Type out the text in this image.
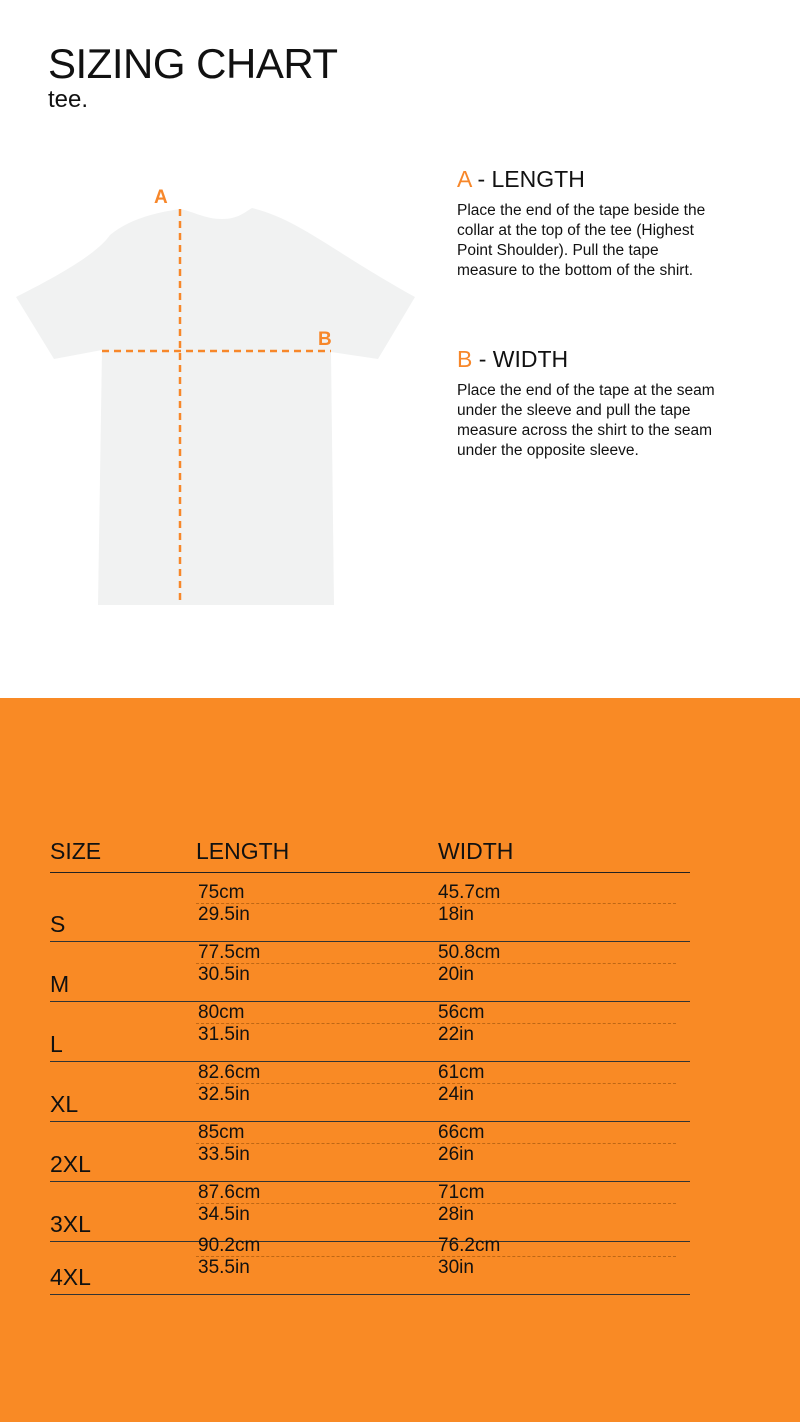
SIZING CHART
tee.
A
B
A - LENGTH

Place the end of the tape beside the collar at the top of the tee (Highest Point Shoulder). Pull the tape measure to the bottom of the shirt.

B - WIDTH

Place the end of the tape at the seam under the sleeve and pull the tape measure across the shirt to the seam under the opposite sleeve.

SIZE	LENGTH	WIDTH
S
75cm
29.5in
45.7cm
18in
M
77.5cm
30.5in
50.8cm
20in
L
80cm
31.5in
56cm
22in
XL
82.6cm
32.5in
61cm
24in
2XL
85cm
33.5in
66cm
26in
3XL
87.6cm
34.5in
71cm
28in
4XL
90.2cm
35.5in
76.2cm
30in
